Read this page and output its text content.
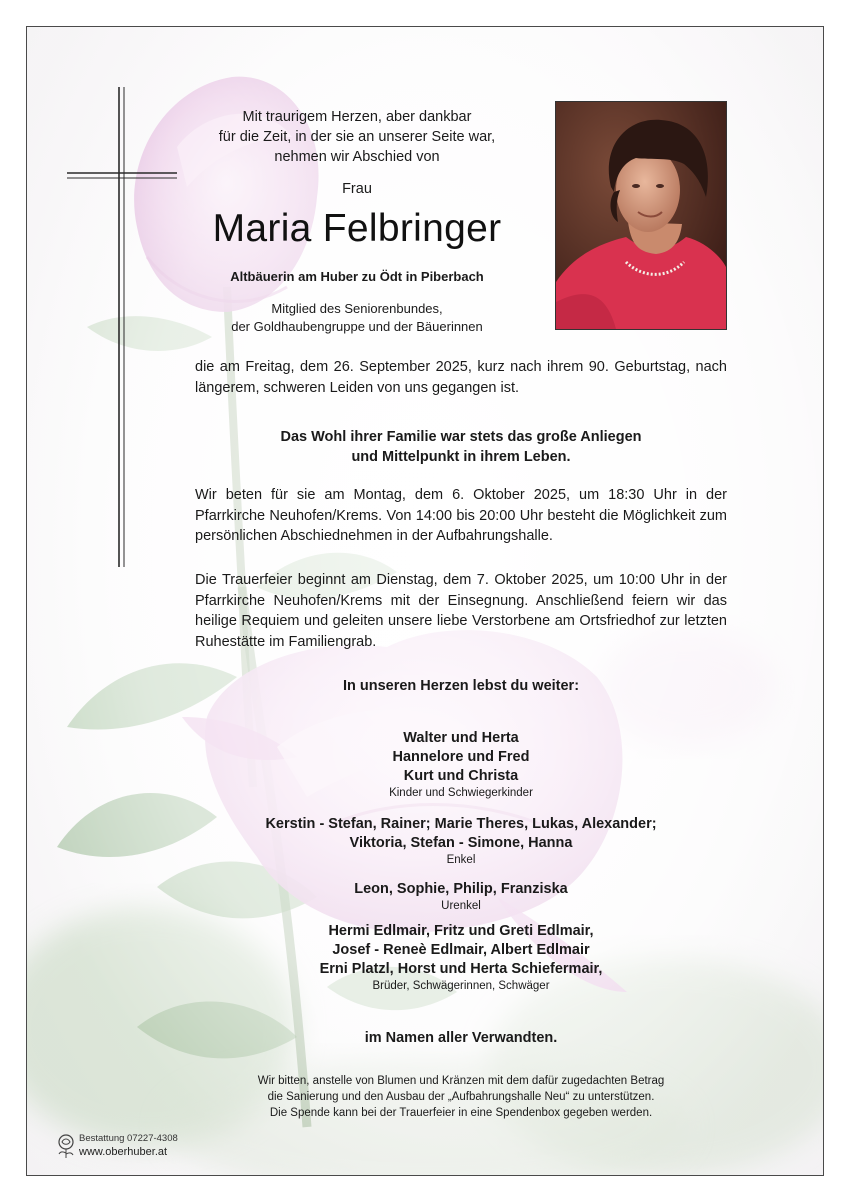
Mit traurigem Herzen, aber dankbar
für die Zeit, in der sie an unserer Seite war,
nehmen wir Abschied von
Frau
Maria Felbringer
Altbäuerin am Huber zu Ödt in Piberbach
Mitglied des Seniorenbundes,
der Goldhaubengruppe und der Bäuerinnen
die am Freitag, dem 26. September 2025, kurz nach ihrem 90. Geburtstag, nach längerem, schweren Leiden von uns gegangen ist.
Das Wohl ihrer Familie war stets das große Anliegen
und Mittelpunkt in ihrem Leben.
Wir beten für sie am Montag, dem 6. Oktober 2025, um 18:30 Uhr in der Pfarrkirche Neuhofen/Krems. Von 14:00 bis 20:00 Uhr besteht die Möglichkeit zum persönlichen Abschiednehmen in der Aufbahrungshalle.
Die Trauerfeier beginnt am Dienstag, dem 7. Oktober 2025, um 10:00 Uhr in der Pfarrkirche Neuhofen/Krems mit der Einsegnung. Anschließend feiern wir das heilige Requiem und geleiten unsere liebe Verstorbene am Ortsfriedhof zur letzten Ruhestätte im Familiengrab.
In unseren Herzen lebst du weiter:
Walter und Herta
Hannelore und Fred
Kurt und Christa
Kinder und Schwiegerkinder
Kerstin - Stefan, Rainer; Marie Theres, Lukas, Alexander;
Viktoria, Stefan - Simone, Hanna
Enkel
Leon, Sophie, Philip, Franziska
Urenkel
Hermi Edlmair, Fritz und Greti Edlmair,
Josef - Reneè Edlmair, Albert Edlmair
Erni Platzl, Horst und Herta Schiefermair,
Brüder, Schwägerinnen, Schwäger
im Namen aller Verwandten.
Wir bitten, anstelle von Blumen und Kränzen mit dem dafür zugedachten Betrag
die Sanierung und den Ausbau der „Aufbahrungshalle Neu“ zu unterstützen.
Die Spende kann bei der Trauerfeier in eine Spendenbox gegeben werden.
Bestattung 07227-4308
www.oberhuber.at
